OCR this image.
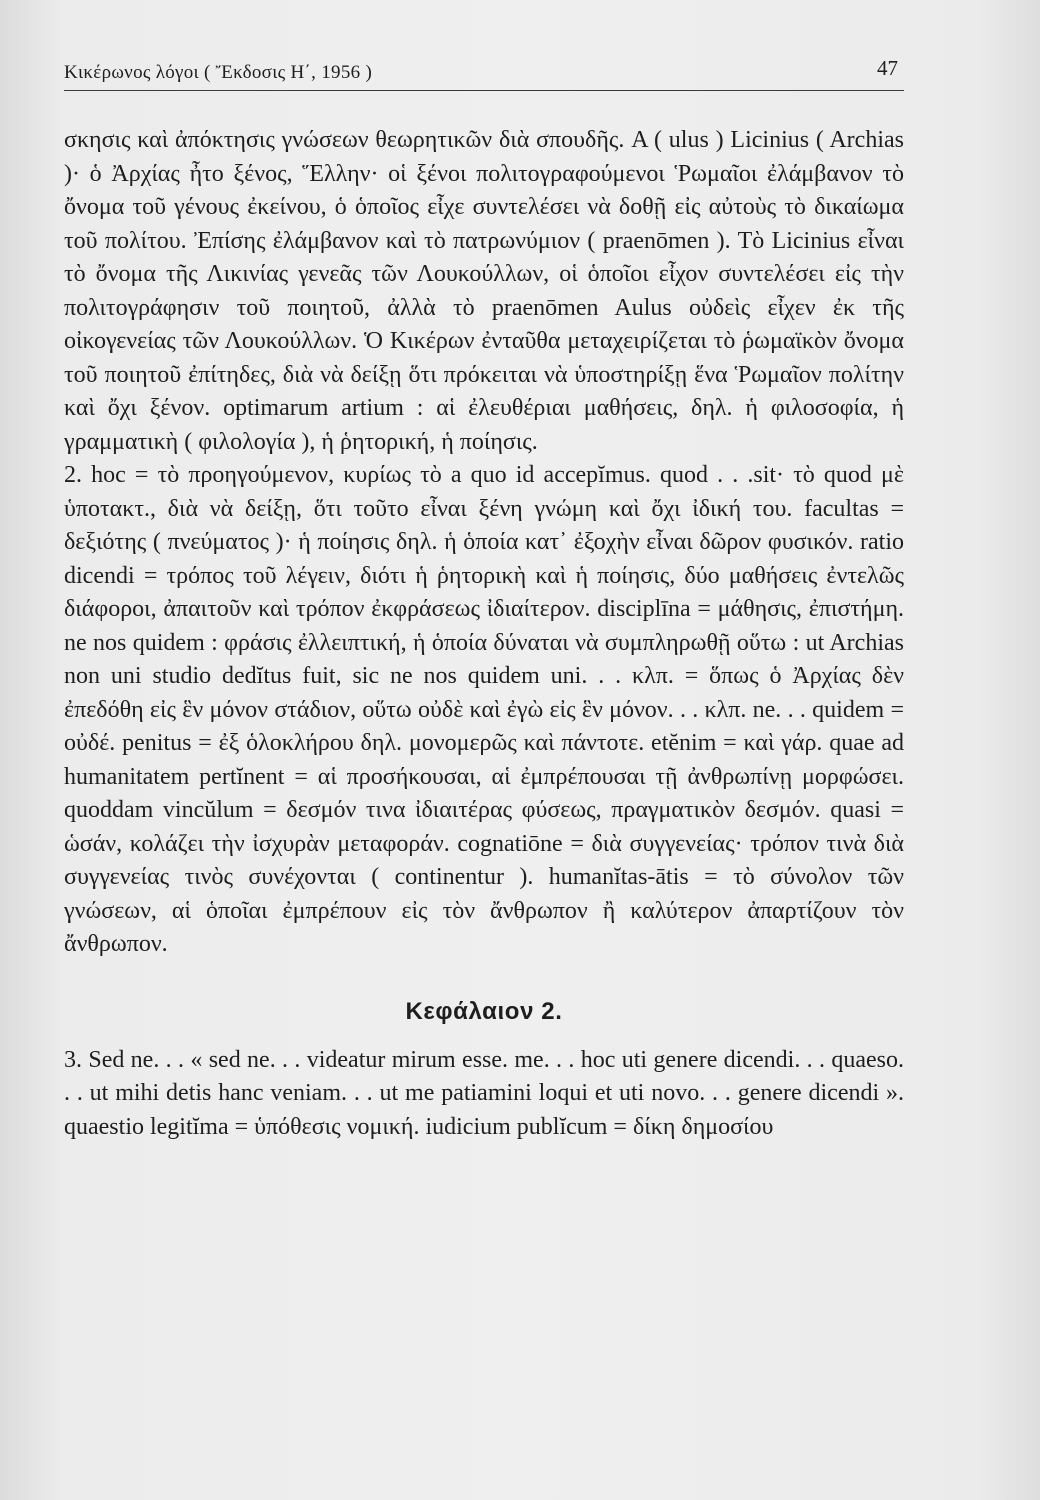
Κικέρωνος λόγοι ( Ἔκδοσις Η΄, 1956 )	47

σκησις καὶ ἀπόκτησις γνώσεων θεωρητικῶν διὰ σπουδῆς. A ( ulus ) Licinius ( Archias )· ὁ Ἀρχίας ἦτο ξένος, Ἕλλην· οἱ ξένοι πολιτογραφούμενοι Ῥωμαῖοι ἐλάμβανον τὸ ὄνομα τοῦ γένους ἐκείνου, ὁ ὁποῖος εἶχε συντελέσει νὰ δοθῇ εἰς αὐτοὺς τὸ δικαίωμα τοῦ πολίτου. Ἐπίσης ἐλάμβανον καὶ τὸ πατρωνύμιον ( praenōmen ). Τὸ Licinius εἶναι τὸ ὄνομα τῆς Λικινίας γενεᾶς τῶν Λουκούλλων, οἱ ὁποῖοι εἶχον συντελέσει εἰς τὴν πολιτογράφησιν τοῦ ποιητοῦ, ἀλλὰ τὸ praenōmen Aulus οὐδεὶς εἶχεν ἐκ τῆς οἰκογενείας τῶν Λουκούλλων. Ὁ Κικέρων ἐνταῦθα μεταχειρίζεται τὸ ῥωμαϊκὸν ὄνομα τοῦ ποιητοῦ ἐπίτηδες, διὰ νὰ δείξῃ ὅτι πρόκειται νὰ ὑποστηρίξῃ ἕνα Ῥωμαῖον πολίτην καὶ ὄχι ξένον. optimarum artium : αἱ ἐλευθέριαι μαθήσεις, δηλ. ἡ φιλοσοφία, ἡ γραμματικὴ ( φιλολογία ), ἡ ῥητορική, ἡ ποίησις.

2. hoc = τὸ προηγούμενον, κυρίως τὸ a quo id accepĭmus. quod . . .sit· τὸ quod μὲ ὑποτακτ., διὰ νὰ δείξῃ, ὅτι τοῦτο εἶναι ξένη γνώμη καὶ ὄχι ἰδική του. facultas = δεξιότης ( πνεύματος )· ἡ ποίησις δηλ. ἡ ὁποία κατ᾽ ἐξοχὴν εἶναι δῶρον φυσικόν. ratio dicendi = τρόπος τοῦ λέγειν, διότι ἡ ῥητορικὴ καὶ ἡ ποίησις, δύο μαθήσεις ἐντελῶς διάφοροι, ἀπαιτοῦν καὶ τρόπον ἐκφράσεως ἰδιαίτερον. disciplīna = μάθησις, ἐπιστήμη. ne nos quidem : φράσις ἐλλειπτική, ἡ ὁποία δύναται νὰ συμπληρωθῇ οὕτω : ut Archias non uni studio dedĭtus fuit, sic ne nos quidem uni. . . κλπ. = ὅπως ὁ Ἀρχίας δὲν ἐπεδόθη εἰς ἓν μόνον στάδιον, οὕτω οὐδὲ καὶ ἐγὼ εἰς ἓν μόνον. . . κλπ. ne. . . quidem = οὐδέ. penitus = ἐξ ὁλοκλήρου δηλ. μονομερῶς καὶ πάντοτε. etĕnim = καὶ γάρ. quae ad humanitatem pertĭnent = αἱ προσήκουσαι, αἱ ἐμπρέπουσαι τῇ ἀνθρωπίνῃ μορφώσει. quoddam vincŭlum = δεσμόν τινα ἰδιαιτέρας φύσεως, πραγματικὸν δεσμόν. quasi = ὡσάν, κολάζει τὴν ἰσχυρὰν μεταφοράν. cognatiōne = διὰ συγγενείας· τρόπον τινὰ διὰ συγγενείας τινὸς συνέχονται ( continentur ). humanĭtas-ātis = τὸ σύνολον τῶν γνώσεων, αἱ ὁποῖαι ἐμπρέπουν εἰς τὸν ἄνθρωπον ἢ καλύτερον ἀπαρτίζουν τὸν ἄνθρωπον.

Κεφάλαιον 2.

3. Sed ne. . . « sed ne. . . videatur mirum esse. me. . . hoc uti genere dicendi. . . quaeso. . . ut mihi detis hanc veniam. . . ut me patiamini loqui et uti novo. . . genere dicendi ». quaestio legitĭma = ὑπόθεσις νομική. iudicium publĭcum = δίκη δημοσίου
